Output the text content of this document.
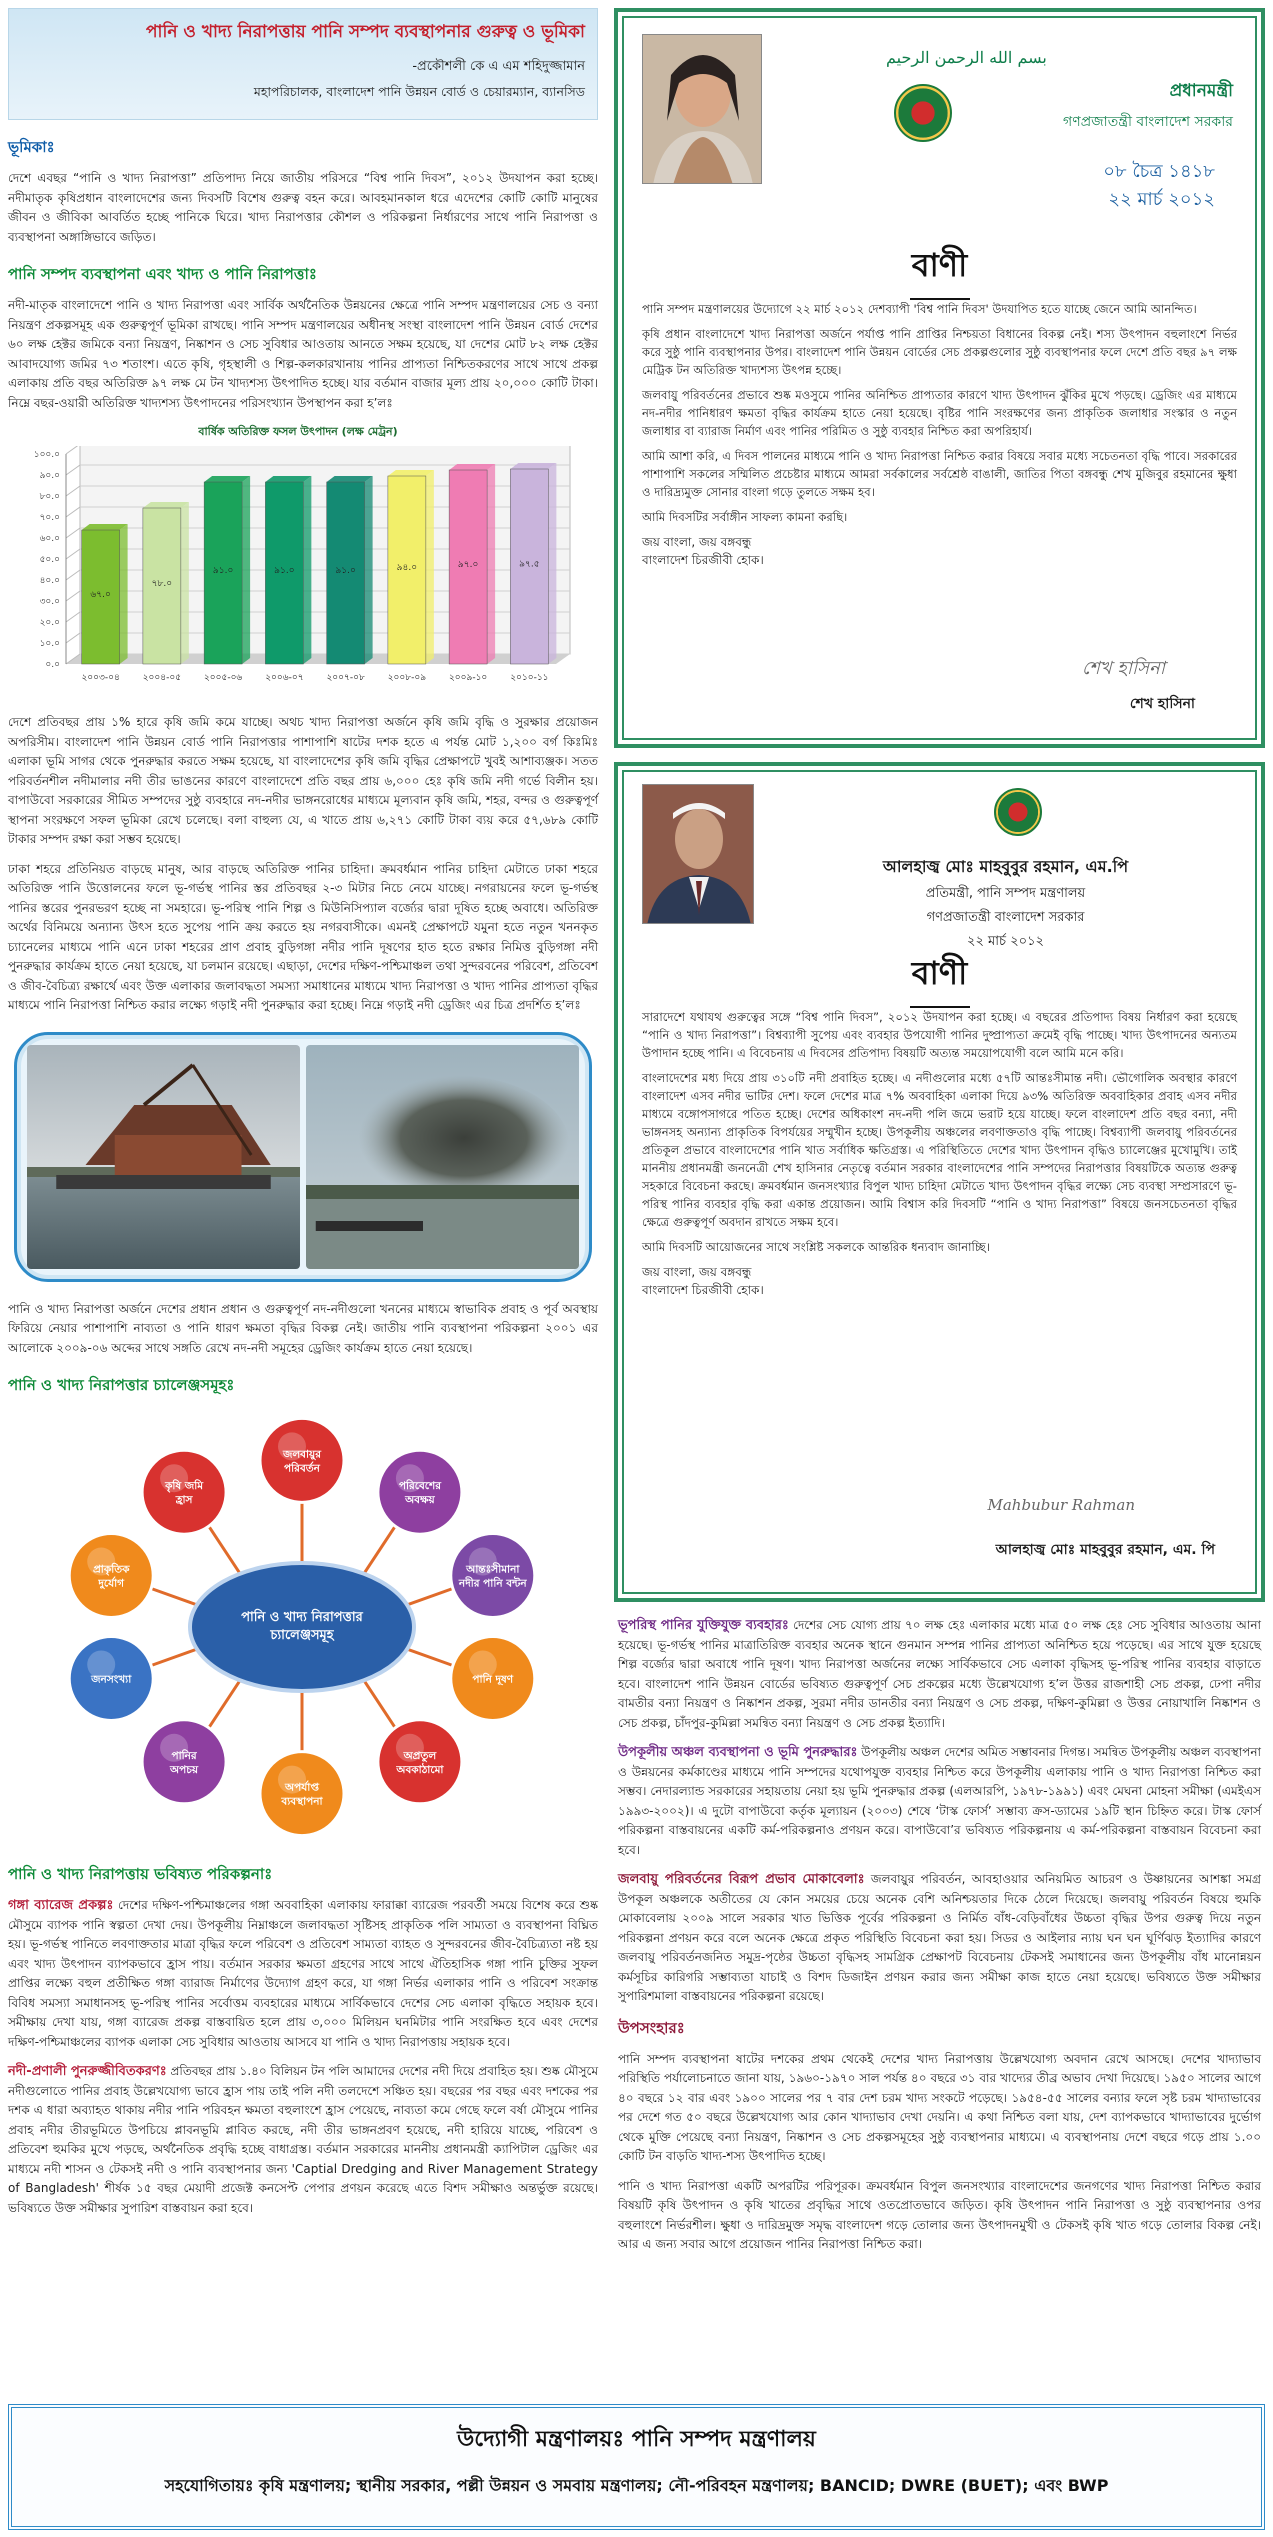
পানি ও খাদ্য নিরাপত্তায় পানি সম্পদ ব্যবস্থাপনার গুরুত্ব ও ভূমিকা
-প্রকৌশলী কে এ এম শহিদুজ্জামান
মহাপরিচালক, বাংলাদেশ পানি উন্নয়ন বোর্ড ও চেয়ারম্যান, ব্যানসিড
ভূমিকাঃ

দেশে এবছর “পানি ও খাদ্য নিরাপত্তা” প্রতিপাদ্য নিয়ে জাতীয় পরিসরে “বিশ্ব পানি দিবস”, ২০১২ উদযাপন করা হচ্ছে। নদীমাতৃক কৃষিপ্রধান বাংলাদেশের জন্য দিবসটি বিশেষ গুরুত্ব বহন করে। আবহমানকাল ধরে এদেশের কোটি কোটি মানুষের জীবন ও জীবিকা আবর্তিত হচ্ছে পানিকে ঘিরে। খাদ্য নিরাপত্তার কৌশল ও পরিকল্পনা নির্ধারণের সাথে পানি নিরাপত্তা ও ব্যবস্থাপনা অঙ্গাঙ্গিভাবে জড়িত।

পানি সম্পদ ব্যবস্থাপনা এবং খাদ্য ও পানি নিরাপত্তাঃ

নদী-মাতৃক বাংলাদেশে পানি ও খাদ্য নিরাপত্তা এবং সার্বিক অর্থনৈতিক উন্নয়নের ক্ষেত্রে পানি সম্পদ মন্ত্রণালয়ের সেচ ও বন্যা নিয়ন্ত্রণ প্রকল্পসমূহ এক গুরুত্বপূর্ণ ভূমিকা রাখছে। পানি সম্পদ মন্ত্রণালয়ের অধীনস্থ সংস্থা বাংলাদেশ পানি উন্নয়ন বোর্ড দেশের ৬০ লক্ষ হেক্টর জমিকে বন্যা নিয়ন্ত্রণ, নিষ্কাশন ও সেচ সুবিধার আওতায় আনতে সক্ষম হয়েছে, যা দেশের মোট ৮২ লক্ষ হেক্টর আবাদযোগ্য জমির ৭৩ শতাংশ। এতে কৃষি, গৃহস্থালী ও শিল্প-কলকারখানায় পানির প্রাপ্যতা নিশ্চিতকরণের সাথে সাথে প্রকল্প এলাকায় প্রতি বছর অতিরিক্ত ৯৭ লক্ষ মে টন খাদ্যশস্য উৎপাদিত হচ্ছে। যার বর্তমান বাজার মূল্য প্রায় ২০,০০০ কোটি টাকা। নিম্নে বছর-ওয়ারী অতিরিক্ত খাদ্যশস্য উৎপাদনের পরিসংখ্যান উপস্থাপন করা হ’লঃ

বার্ষিক অতিরিক্ত ফসল উৎপাদন (লক্ষ মেট্রন)
০.০
১০.০
২০.০
৩০.০
৪০.০
৫০.০
৬০.০
৭০.০
৮০.০
৯০.০
১০০.০
৬৭.০
২০০৩-০৪
৭৮.০
২০০৪-০৫
৯১.০
২০০৫-০৬
৯১.০
২০০৬-০৭
৯১.০
২০০৭-০৮
৯৪.০
২০০৮-০৯
৯৭.০
২০০৯-১০
৯৭.৫
২০১০-১১

দেশে প্রতিবছর প্রায় ১% হারে কৃষি জমি কমে যাচ্ছে। অথচ খাদ্য নিরাপত্তা অর্জনে কৃষি জমি বৃদ্ধি ও সুরক্ষার প্রয়োজন অপরিসীম। বাংলাদেশ পানি উন্নয়ন বোর্ড পানি নিরাপত্তার পাশাপাশি ষাটের দশক হতে এ পর্যন্ত মোট ১,২০০ বর্গ কিঃমিঃ এলাকা ভূমি সাগর থেকে পুনরুদ্ধার করতে সক্ষম হয়েছে, যা বাংলাদেশের কৃষি জমি বৃদ্ধির প্রেক্ষাপটে খুবই আশাব্যঞ্জক। সতত পরিবর্তনশীল নদীমালার নদী তীর ভাঙনের কারণে বাংলাদেশে প্রতি বছর প্রায় ৬,০০০ হেঃ কৃষি জমি নদী গর্ভে বিলীন হয়। বাপাউবো সরকারের সীমিত সম্পদের সুষ্ঠু ব্যবহারে নদ-নদীর ভাঙ্গনরোধের মাধ্যমে মূল্যবান কৃষি জমি, শহর, বন্দর ও গুরুত্বপূর্ণ স্থাপনা সংরক্ষণে সফল ভূমিকা রেখে চলেছে। বলা বাহুল্য যে, এ খাতে প্রায় ৬,২৭১ কোটি টাকা ব্যয় করে ৫৭,৬৮৯ কোটি টাকার সম্পদ রক্ষা করা সম্ভব হয়েছে।

ঢাকা শহরে প্রতিনিয়ত বাড়ছে মানুষ, আর বাড়ছে অতিরিক্ত পানির চাহিদা। ক্রমবর্ধমান পানির চাহিদা মেটাতে ঢাকা শহরে অতিরিক্ত পানি উত্তোলনের ফলে ভূ-গর্ভস্থ পানির স্তর প্রতিবছর ২-৩ মিটার নিচে নেমে যাচ্ছে। নগরায়নের ফলে ভূ-গর্ভস্থ পানির স্তরের পুনরভরণ হচ্ছে না সমহারে। ভূ-পরিস্থ পানি শিল্প ও মিউনিসিপ্যাল বর্জ্যের দ্বারা দূষিত হচ্ছে অবাধে। অতিরিক্ত অর্থের বিনিময়ে অন্যান্য উৎস হতে সুপেয় পানি ক্রয় করতে হয় নগরবাসীকে। এমনই প্রেক্ষাপটে যমুনা হতে নতুন খননকৃত চ্যানেলের মাধ্যমে পানি এনে ঢাকা শহরের প্রাণ প্রবাহ বুড়িগঙ্গা নদীর পানি দূষণের হাত হতে রক্ষার নিমিত্ত বুড়িগঙ্গা নদী পুনরুদ্ধার কার্যক্রম হাতে নেয়া হয়েছে, যা চলমান রয়েছে। এছাড়া, দেশের দক্ষিণ-পশ্চিমাঞ্চল তথা সুন্দরবনের পরিবেশ, প্রতিবেশ ও জীব-বৈচিত্র্য রক্ষার্থে এবং উক্ত এলাকার জলাবদ্ধতা সমস্যা সমাধানের মাধ্যমে খাদ্য নিরাপত্তা ও খাদ্য পানির প্রাপ্যতা বৃদ্ধির মাধ্যমে পানি নিরাপত্তা নিশ্চিত করার লক্ষ্যে গড়াই নদী পুনরুদ্ধার করা হচ্ছে। নিম্নে গড়াই নদী ড্রেজিং এর চিত্র প্রদর্শিত হ’লঃ

পানি ও খাদ্য নিরাপত্তা অর্জনে দেশের প্রধান প্রধান ও গুরুত্বপূর্ণ নদ-নদীগুলো খননের মাধ্যমে স্বাভাবিক প্রবাহ ও পূর্ব অবস্থায় ফিরিয়ে নেয়ার পাশাপাশি নাব্যতা ও পানি ধারণ ক্ষমতা বৃদ্ধির বিকল্প নেই। জাতীয় পানি ব্যবস্থাপনা পরিকল্পনা ২০০১ এর আলোকে ২০০৯-০৬ অব্দের সাথে সঙ্গতি রেখে নদ-নদী সমূহের ড্রেজিং কার্যক্রম হাতে নেয়া হয়েছে।

পানি ও খাদ্য নিরাপত্তার চ্যালেঞ্জসমূহঃ
পানি ও খাদ্য নিরাপত্তার
চ্যালেঞ্জসমূহ
জলবায়ুর
পরিবর্তন
পরিবেশের
অবক্ষয়
আন্তঃসীমানা
নদীর পানি বন্টন
পানি দূষণ
অপ্রতুল
অবকাঠামো
অপর্যাপ্ত
ব্যবস্থাপনা
পানির
অপচয়
জনসংখ্যা
প্রাকৃতিক
দুর্যোগ
কৃষি জমি
হ্রাস
পানি ও খাদ্য নিরাপত্তায় ভবিষ্যত পরিকল্পনাঃ

গঙ্গা ব্যারেজ প্রকল্পঃ দেশের দক্ষিণ-পশ্চিমাঞ্চলের গঙ্গা অববাহিকা এলাকায় ফারাক্কা ব্যারেজ পরবর্তী সময়ে বিশেষ করে শুষ্ক মৌসুমে ব্যাপক পানি স্বল্পতা দেখা দেয়। উপকূলীয় নিম্নাঞ্চলে জলাবদ্ধতা সৃষ্টিসহ প্রাকৃতিক পলি সাম্যতা ও ব্যবস্থাপনা বিঘ্নিত হয়। ভূ-গর্ভস্থ পানিতে লবণাক্ততার মাত্রা বৃদ্ধির ফলে পরিবেশ ও প্রতিবেশ সাম্যতা ব্যাহত ও সুন্দরবনের জীব-বৈচিত্র্যতা নষ্ট হয় এবং খাদ্য উৎপাদন ব্যাপকভাবে হ্রাস পায়। বর্তমান সরকার ক্ষমতা গ্রহণের সাথে সাথে ঐতিহাসিক গঙ্গা পানি চুক্তির সুফল প্রাপ্তির লক্ষ্যে বহুল প্রতীক্ষিত গঙ্গা ব্যারাজ নির্মাণের উদ্যোগ গ্রহণ করে, যা গঙ্গা নির্ভর এলাকার পানি ও পরিবেশ সংক্রান্ত বিবিধ সমস্যা সমাধানসহ ভূ-পরিস্থ পানির সর্বোত্তম ব্যবহারের মাধ্যমে সার্বিকভাবে দেশের সেচ এলাকা বৃদ্ধিতে সহায়ক হবে। সমীক্ষায় দেখা যায়, গঙ্গা ব্যারেজ প্রকল্প বাস্তবায়িত হলে প্রায় ৩,০০০ মিলিয়ন ঘনমিটার পানি সংরক্ষিত হবে এবং দেশের দক্ষিণ-পশ্চিমাঞ্চলের ব্যাপক এলাকা সেচ সুবিধার আওতায় আসবে যা পানি ও খাদ্য নিরাপত্তায় সহায়ক হবে।

নদী-প্রণালী পুনরুজ্জীবিতকরণঃ প্রতিবছর প্রায় ১.৪০ বিলিয়ন টন পলি আমাদের দেশের নদী দিয়ে প্রবাহিত হয়। শুষ্ক মৌসুমে নদীগুলোতে পানির প্রবাহ উল্লেখযোগ্য ভাবে হ্রাস পায় তাই পলি নদী তলদেশে সঞ্চিত হয়। বছরের পর বছর এবং দশকের পর দশক এ ধারা অব্যাহত থাকায় নদীর পানি পরিবহন ক্ষমতা বহুলাংশে হ্রাস পেয়েছে, নাব্যতা কমে গেছে ফলে বর্ষা মৌসুমে পানির প্রবাহ নদীর তীরভূমিতে উপচিয়ে প্লাবনভূমি প্লাবিত করছে, নদী তীর ভাঙ্গনপ্রবণ হয়েছে, নদী হারিয়ে যাচ্ছে, পরিবেশ ও প্রতিবেশ হুমকির মুখে পড়ছে, অর্থনৈতিক প্রবৃদ্ধি হচ্ছে বাধাগ্রস্ত। বর্তমান সরকারের মাননীয় প্রধানমন্ত্রী ক্যাপিটাল ড্রেজিং এর মাধ্যমে নদী শাসন ও টেকসই নদী ও পানি ব্যবস্থাপনার জন্য 'Captial Dredging and River Management Strategy of Bangladesh' শীর্ষক ১৫ বছর মেয়াদী প্রজেক্ট কনসেপ্ট পেপার প্রণয়ন করেছে এতে বিশদ সমীক্ষাও অন্তর্ভুক্ত রয়েছে। ভবিষ্যতে উক্ত সমীক্ষার সুপারিশ বাস্তবায়ন করা হবে।

بسم الله الرحمن الرحيم
প্রধানমন্ত্রী
গণপ্রজাতন্ত্রী বাংলাদেশ সরকার
০৮ চৈত্র ১৪১৮
২২ মার্চ ২০১২
বাণী

পানি সম্পদ মন্ত্রণালয়ের উদ্যোগে ২২ মার্চ ২০১২ দেশব্যাপী 'বিশ্ব পানি দিবস' উদযাপিত হতে যাচ্ছে জেনে আমি আনন্দিত।

কৃষি প্রধান বাংলাদেশে খাদ্য নিরাপত্তা অর্জনে পর্যাপ্ত পানি প্রাপ্তির নিশ্চয়তা বিধানের বিকল্প নেই। শস্য উৎপাদন বহুলাংশে নির্ভর করে সুষ্ঠু পানি ব্যবস্থাপনার উপর। বাংলাদেশ পানি উন্নয়ন বোর্ডের সেচ প্রকল্পগুলোর সুষ্ঠু ব্যবস্থাপনার ফলে দেশে প্রতি বছর ৯৭ লক্ষ মেট্রিক টন অতিরিক্ত খাদ্যশস্য উৎপন্ন হচ্ছে।

জলবায়ু পরিবর্তনের প্রভাবে শুষ্ক মওসুমে পানির অনিশ্চিত প্রাপ্যতার কারণে খাদ্য উৎপাদন ঝুঁকির মুখে পড়ছে। ড্রেজিং এর মাধ্যমে নদ-নদীর পানিধারণ ক্ষমতা বৃদ্ধির কার্যক্রম হাতে নেয়া হয়েছে। বৃষ্টির পানি সংরক্ষণের জন্য প্রাকৃতিক জলাধার সংস্কার ও নতুন জলাধার বা ব্যারাজ নির্মাণ এবং পানির পরিমিত ও সুষ্ঠু ব্যবহার নিশ্চিত করা অপরিহার্য।

আমি আশা করি, এ দিবস পালনের মাধ্যমে পানি ও খাদ্য নিরাপত্তা নিশ্চিত করার বিষয়ে সবার মধ্যে সচেতনতা বৃদ্ধি পাবে। সরকারের পাশাপাশি সকলের সম্মিলিত প্রচেষ্টার মাধ্যমে আমরা সর্বকালের সর্বশ্রেষ্ঠ বাঙালী, জাতির পিতা বঙ্গবন্ধু শেখ মুজিবুর রহমানের ক্ষুধা ও দারিদ্র্যমুক্ত সোনার বাংলা গড়ে তুলতে সক্ষম হব।

আমি দিবসটির সর্বাঙ্গীন সাফল্য কামনা করছি।

জয় বাংলা, জয় বঙ্গবন্ধু
বাংলাদেশ চিরজীবী হোক।
শেখ হাসিনা
শেখ হাসিনা
আলহাজ্ব মোঃ মাহবুবুর রহমান, এম.পি
প্রতিমন্ত্রী, পানি সম্পদ মন্ত্রণালয়
গণপ্রজাতন্ত্রী বাংলাদেশ সরকার
২২ মার্চ ২০১২
বাণী

সারাদেশে যথাযথ গুরুত্বের সঙ্গে “বিশ্ব পানি দিবস”, ২০১২ উদযাপন করা হচ্ছে। এ বছরের প্রতিপাদ্য বিষয় নির্ধারণ করা হয়েছে “পানি ও খাদ্য নিরাপত্তা”। বিশ্বব্যাপী সুপেয় এবং ব্যবহার উপযোগী পানির দুষ্প্রাপ্যতা ক্রমেই বৃদ্ধি পাচ্ছে। খাদ্য উৎপাদনের অন্যতম উপাদান হচ্ছে পানি। এ বিবেচনায় এ দিবসের প্রতিপাদ্য বিষয়টি অত্যন্ত সময়োপযোগী বলে আমি মনে করি।

বাংলাদেশের মধ্য দিয়ে প্রায় ৩১০টি নদী প্রবাহিত হচ্ছে। এ নদীগুলোর মধ্যে ৫৭টি আন্তঃসীমান্ত নদী। ভৌগোলিক অবস্থার কারণে বাংলাদেশ এসব নদীর ভাটির দেশ। ফলে দেশের মাত্র ৭% অববাহিকা এলাকা দিয়ে ৯৩% অতিরিক্ত অববাহিকার প্রবাহ এসব নদীর মাধ্যমে বঙ্গোপসাগরে পতিত হচ্ছে। দেশের অধিকাংশ নদ-নদী পলি জমে ভরাট হয়ে যাচ্ছে। ফলে বাংলাদেশ প্রতি বছর বন্যা, নদী ভাঙ্গনসহ অন্যান্য প্রাকৃতিক বিপর্যয়ের সম্মুখীন হচ্ছে। উপকূলীয় অঞ্চলের লবণাক্ততাও বৃদ্ধি পাচ্ছে। বিশ্বব্যাপী জলবায়ু পরিবর্তনের প্রতিকূল প্রভাবে বাংলাদেশের পানি খাত সর্বাধিক ক্ষতিগ্রস্ত। এ পরিস্থিতিতে দেশের খাদ্য উৎপাদন বৃদ্ধিও চ্যালেঞ্জের মুখোমুখি। তাই মাননীয় প্রধানমন্ত্রী জননেত্রী শেখ হাসিনার নেতৃত্বে বর্তমান সরকার বাংলাদেশের পানি সম্পদের নিরাপত্তার বিষয়টিকে অত্যন্ত গুরুত্ব সহকারে বিবেচনা করছে। ক্রমবর্ধমান জনসংখ্যার বিপুল খাদ্য চাহিদা মেটাতে খাদ্য উৎপাদন বৃদ্ধির লক্ষ্যে সেচ ব্যবস্থা সম্প্রসারণে ভূ-পরিস্থ পানির ব্যবহার বৃদ্ধি করা একান্ত প্রয়োজন। আমি বিশ্বাস করি দিবসটি “পানি ও খাদ্য নিরাপত্তা” বিষয়ে জনসচেতনতা বৃদ্ধির ক্ষেত্রে গুরুত্বপূর্ণ অবদান রাখতে সক্ষম হবে।

আমি দিবসটি আয়োজনের সাথে সংশ্লিষ্ট সকলকে আন্তরিক ধন্যবাদ জানাচ্ছি।

জয় বাংলা, জয় বঙ্গবন্ধু
বাংলাদেশ চিরজীবী হোক।
Mahbubur Rahman
আলহাজ্ব মোঃ মাহবুবুর রহমান, এম. পি

ভূপরিস্থ পানির যুক্তিযুক্ত ব্যবহারঃ দেশের সেচ যোগ্য প্রায় ৭০ লক্ষ হেঃ এলাকার মধ্যে মাত্র ৫০ লক্ষ হেঃ সেচ সুবিধার আওতায় আনা হয়েছে। ভূ-গর্ভস্থ পানির মাত্রাতিরিক্ত ব্যবহার অনেক স্থানে গুনমান সম্পন্ন পানির প্রাপ্যতা অনিশ্চিত হয়ে পড়েছে। এর সাথে যুক্ত হয়েছে শিল্প বর্জ্যের দ্বারা অবাধে পানি দূষণ। খাদ্য নিরাপত্তা অর্জনের লক্ষ্যে সার্বিকভাবে সেচ এলাকা বৃদ্ধিসহ ভূ-পরিস্থ পানির ব্যবহার বাড়াতে হবে। বাংলাদেশ পানি উন্নয়ন বোর্ডের ভবিষ্যত গুরুত্বপূর্ণ সেচ প্রকল্পের মধ্যে উল্লেখযোগ্য হ’ল উত্তর রাজশাহী সেচ প্রকল্প, ঢেপা নদীর বামতীর বন্যা নিয়ন্ত্রণ ও নিষ্কাশন প্রকল্প, সুরমা নদীর ডানতীর বন্যা নিয়ন্ত্রণ ও সেচ প্রকল্প, দক্ষিণ-কুমিল্লা ও উত্তর নোয়াখালি নিষ্কাশন ও সেচ প্রকল্প, চাঁদপুর-কুমিল্লা সমন্বিত বন্যা নিয়ন্ত্রণ ও সেচ প্রকল্প ইত্যাদি।

উপকূলীয় অঞ্চল ব্যবস্থাপনা ও ভূমি পুনরুদ্ধারঃ উপকূলীয় অঞ্চল দেশের অমিত সম্ভাবনার দিগন্ত। সমন্বিত উপকূলীয় অঞ্চল ব্যবস্থাপনা ও উন্নয়নের কর্মকাণ্ডের মাধ্যমে পানি সম্পদের যথোপযুক্ত ব্যবহার নিশ্চিত করে উপকূলীয় এলাকায় পানি ও খাদ্য নিরাপত্তা নিশ্চিত করা সম্ভব। নেদারল্যান্ড সরকারের সহায়তায় নেয়া হয় ভূমি পুনরুদ্ধার প্রকল্প (এলআরপি, ১৯৭৮-১৯৯১) এবং মেঘনা মোহনা সমীক্ষা (এমইএস ১৯৯৩-২০০২)। এ দুটো বাপাউবো কর্তৃক মূল্যায়ন (২০০৩) শেষে ‘টাস্ক ফোর্স’ সম্ভাব্য ক্রস-ড্যামের ১৯টি স্থান চিহ্নিত করে। টাস্ক ফোর্স পরিকল্পনা বাস্তবায়নের একটি কর্ম-পরিকল্পনাও প্রণয়ন করে। বাপাউবো’র ভবিষ্যত পরিকল্পনায় এ কর্ম-পরিকল্পনা বাস্তবায়ন বিবেচনা করা হবে।

জলবায়ু পরিবর্তনের বিরূপ প্রভাব মোকাবেলাঃ জলবায়ুর পরিবর্তন, আবহাওয়ার অনিয়মিত আচরণ ও উষ্ণায়নের আশঙ্কা সমগ্র উপকূল অঞ্চলকে অতীতের যে কোন সময়ের চেয়ে অনেক বেশি অনিশ্চয়তার দিকে ঠেলে দিয়েছে। জলবায়ু পরিবর্তন বিষয়ে হুমকি মোকাবেলায় ২০০৯ সালে সরকার খাত ভিত্তিক পূর্বের পরিকল্পনা ও নির্মিত বাঁধ-বেড়িবাঁধের উচ্চতা বৃদ্ধির উপর গুরুত্ব দিয়ে নতুন পরিকল্পনা প্রণয়ন করে বলে অনেক ক্ষেত্রে প্রকৃত পরিস্থিতি বিবেচনা করা হয়। সিডর ও আইলার ন্যায় ঘন ঘন ঘূর্ণিঝড় ইত্যাদির কারণে জলবায়ু পরিবর্তনজনিত সমুদ্র-পৃষ্ঠের উচ্চতা বৃদ্ধিসহ সামগ্রিক প্রেক্ষাপট বিবেচনায় টেকসই সমাধানের জন্য উপকূলীয় বাঁধ মানোন্নয়ন কর্মসূচির কারিগরি সম্ভাব্যতা যাচাই ও বিশদ ডিজাইন প্রণয়ন করার জন্য সমীক্ষা কাজ হাতে নেয়া হয়েছে। ভবিষ্যতে উক্ত সমীক্ষার সুপারিশমালা বাস্তবায়নের পরিকল্পনা রয়েছে।

উপসংহারঃ

পানি সম্পদ ব্যবস্থাপনা ষাটের দশকের প্রথম থেকেই দেশের খাদ্য নিরাপত্তায় উল্লেখযোগ্য অবদান রেখে আসছে। দেশের খাদ্যাভাব পরিস্থিতি পর্যালোচনাতে জানা যায়, ১৯৬০-১৯৭০ সাল পর্যন্ত ৪০ বছরে ৩১ বার খাদ্যের তীব্র অভাব দেখা দিয়েছে। ১৯৫০ সালের আগে ৪০ বছরে ১২ বার এবং ১৯০০ সালের পর ৭ বার দেশ চরম খাদ্য সংকটে পড়েছে। ১৯৫৪-৫৫ সালের বন্যার ফলে সৃষ্ট চরম খাদ্যাভাবের পর দেশে গত ৫০ বছরে উল্লেখযোগ্য আর কোন খাদ্যাভাব দেখা দেয়নি। এ কথা নিশ্চিত বলা যায়, দেশ ব্যাপকভাবে খাদ্যাভাবের দুর্ভোগ থেকে মুক্তি পেয়েছে বন্যা নিয়ন্ত্রণ, নিষ্কাশন ও সেচ প্রকল্পসমূহের সুষ্ঠু ব্যবস্থাপনার মাধ্যমে। এ ব্যবস্থাপনায় দেশে বছরে গড়ে প্রায় ১.০০ কোটি টন বাড়তি খাদ্য-শস্য উৎপাদিত হচ্ছে।

পানি ও খাদ্য নিরাপত্তা একটি অপরটির পরিপূরক। ক্রমবর্ধমান বিপুল জনসংখ্যার বাংলাদেশের জনগণের খাদ্য নিরাপত্তা নিশ্চিত করার বিষয়টি কৃষি উৎপাদন ও কৃষি খাতের প্রবৃদ্ধির সাথে ওতপ্রোতভাবে জড়িত। কৃষি উৎপাদন পানি নিরাপত্তা ও সুষ্ঠু ব্যবস্থাপনার ওপর বহুলাংশে নির্ভরশীল। ক্ষুধা ও দারিদ্রমুক্ত সমৃদ্ধ বাংলাদেশ গড়ে তোলার জন্য উৎপাদনমুখী ও টেকসই কৃষি খাত গড়ে তোলার বিকল্প নেই। আর এ জন্য সবার আগে প্রয়োজন পানির নিরাপত্তা নিশ্চিত করা।

উদ্যোগী মন্ত্রণালয়ঃ পানি সম্পদ মন্ত্রণালয়
সহযোগিতায়ঃ কৃষি মন্ত্রণালয়; স্থানীয় সরকার, পল্লী উন্নয়ন ও সমবায় মন্ত্রণালয়; নৌ-পরিবহন মন্ত্রণালয়; BANCID; DWRE (BUET); এবং BWP
